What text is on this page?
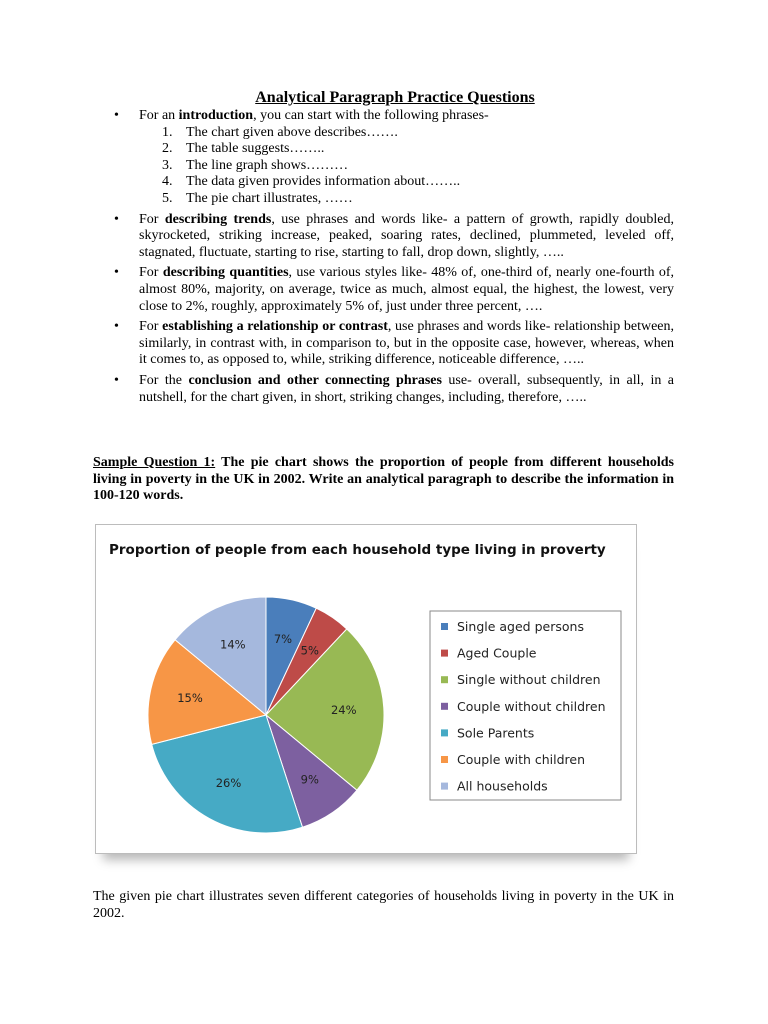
Analytical Paragraph Practice Questions
• For an introduction, you can start with the following phrases-
1. The chart given above describes…….
2. The table suggests……..
3. The line graph shows………
4. The data given provides information about……..
5. The pie chart illustrates, ……
• For describing trends, use phrases and words like- a pattern of growth, rapidly doubled, skyrocketed, striking increase, peaked, soaring rates, declined, plummeted, leveled off, stagnated, fluctuate, starting to rise, starting to fall, drop down, slightly, …..
• For describing quantities, use various styles like- 48% of, one-third of, nearly one-fourth of, almost 80%, majority, on average, twice as much, almost equal, the highest, the lowest, very close to 2%, roughly, approximately 5% of, just under three percent, ….
• For establishing a relationship or contrast, use phrases and words like- relationship between, similarly, in contrast with, in comparison to, but in the opposite case, however, whereas, when it comes to, as opposed to, while, striking difference, noticeable difference, …..
• For the conclusion and other connecting phrases use- overall, subsequently, in all, in a nutshell, for the chart given, in short, striking changes, including, therefore, …..
Sample Question 1: The pie chart shows the proportion of people from different households living in poverty in the UK in 2002. Write an analytical paragraph to describe the information in 100-120 words.
Proportion of people from each household type living in proverty
7%
5%
24%
9%
26%
15%
14%
Single aged persons
Aged Couple
Single without children
Couple without children
Sole Parents
Couple with children
All households
The given pie chart illustrates seven different categories of households living in poverty in the UK in 2002.
